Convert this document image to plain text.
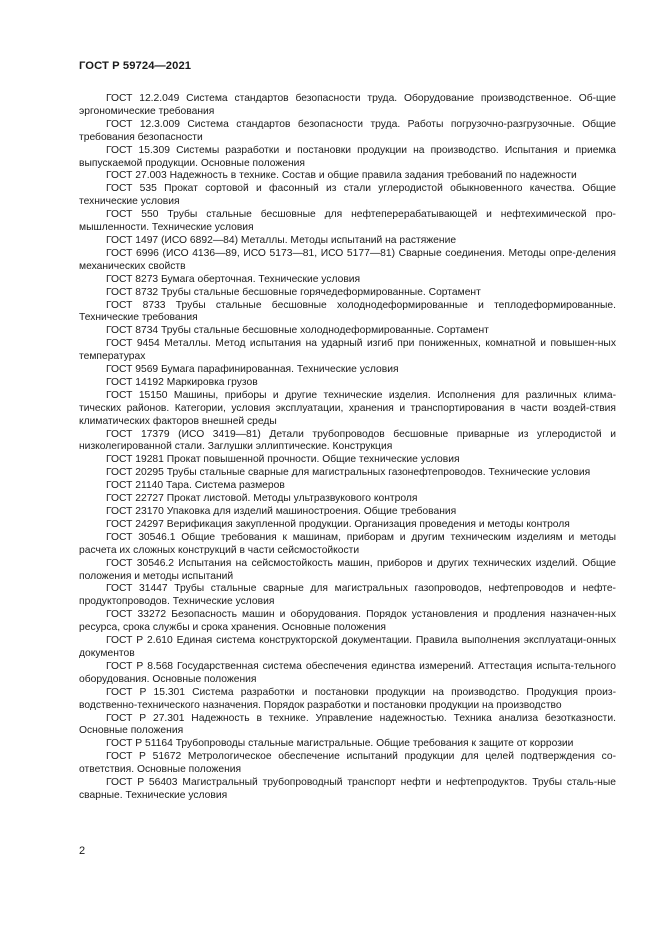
ГОСТ Р 59724—2021

ГОСТ 12.2.049 Система стандартов безопасности труда. Оборудование производственное. Об-щие эргономические требования

ГОСТ 12.3.009 Система стандартов безопасности труда. Работы погрузочно-разгрузочные. Общие требования безопасности

ГОСТ 15.309 Системы разработки и постановки продукции на производство. Испытания и приемка выпускаемой продукции. Основные положения

ГОСТ 27.003 Надежность в технике. Состав и общие правила задания требований по надежности

ГОСТ 535 Прокат сортовой и фасонный из стали углеродистой обыкновенного качества. Общие технические условия

ГОСТ 550 Трубы стальные бесшовные для нефтеперерабатывающей и нефтехимической про-мышленности. Технические условия

ГОСТ 1497 (ИСО 6892—84) Металлы. Методы испытаний на растяжение

ГОСТ 6996 (ИСО 4136—89, ИСО 5173—81, ИСО 5177—81) Сварные соединения. Методы опре-деления механических свойств

ГОСТ 8273 Бумага оберточная. Технические условия

ГОСТ 8732 Трубы стальные бесшовные горячедеформированные. Сортамент

ГОСТ 8733 Трубы стальные бесшовные холоднодеформированные и теплодеформированные. Технические требования

ГОСТ 8734 Трубы стальные бесшовные холоднодеформированные. Сортамент

ГОСТ 9454 Металлы. Метод испытания на ударный изгиб при пониженных, комнатной и повышен-ных температурах

ГОСТ 9569 Бумага парафинированная. Технические условия

ГОСТ 14192 Маркировка грузов

ГОСТ 15150 Машины, приборы и другие технические изделия. Исполнения для различных клима-тических районов. Категории, условия эксплуатации, хранения и транспортирования в части воздей-ствия климатических факторов внешней среды

ГОСТ 17379 (ИСО 3419—81) Детали трубопроводов бесшовные приварные из углеродистой и низколегированной стали. Заглушки эллиптические. Конструкция

ГОСТ 19281 Прокат повышенной прочности. Общие технические условия

ГОСТ 20295 Трубы стальные сварные для магистральных газонефтепроводов. Технические условия

ГОСТ 21140 Тара. Система размеров

ГОСТ 22727 Прокат листовой. Методы ультразвукового контроля

ГОСТ 23170 Упаковка для изделий машиностроения. Общие требования

ГОСТ 24297 Верификация закупленной продукции. Организация проведения и методы контроля

ГОСТ 30546.1 Общие требования к машинам, приборам и другим техническим изделиям и методы расчета их сложных конструкций в части сейсмостойкости

ГОСТ 30546.2 Испытания на сейсмостойкость машин, приборов и других технических изделий. Общие положения и методы испытаний

ГОСТ 31447 Трубы стальные сварные для магистральных газопроводов, нефтепроводов и нефте-продуктопроводов. Технические условия

ГОСТ 33272 Безопасность машин и оборудования. Порядок установления и продления назначен-ных ресурса, срока службы и срока хранения. Основные положения

ГОСТ Р 2.610 Единая система конструкторской документации. Правила выполнения эксплуатаци-онных документов

ГОСТ Р 8.568 Государственная система обеспечения единства измерений. Аттестация испыта-тельного оборудования. Основные положения

ГОСТ Р 15.301 Система разработки и постановки продукции на производство. Продукция произ-водственно-технического назначения. Порядок разработки и постановки продукции на производство

ГОСТ Р 27.301 Надежность в технике. Управление надежностью. Техника анализа безотказности. Основные положения

ГОСТ Р 51164 Трубопроводы стальные магистральные. Общие требования к защите от коррозии

ГОСТ Р 51672 Метрологическое обеспечение испытаний продукции для целей подтверждения со-ответствия. Основные положения

ГОСТ Р 56403 Магистральный трубопроводный транспорт нефти и нефтепродуктов. Трубы сталь-ные сварные. Технические условия

2
